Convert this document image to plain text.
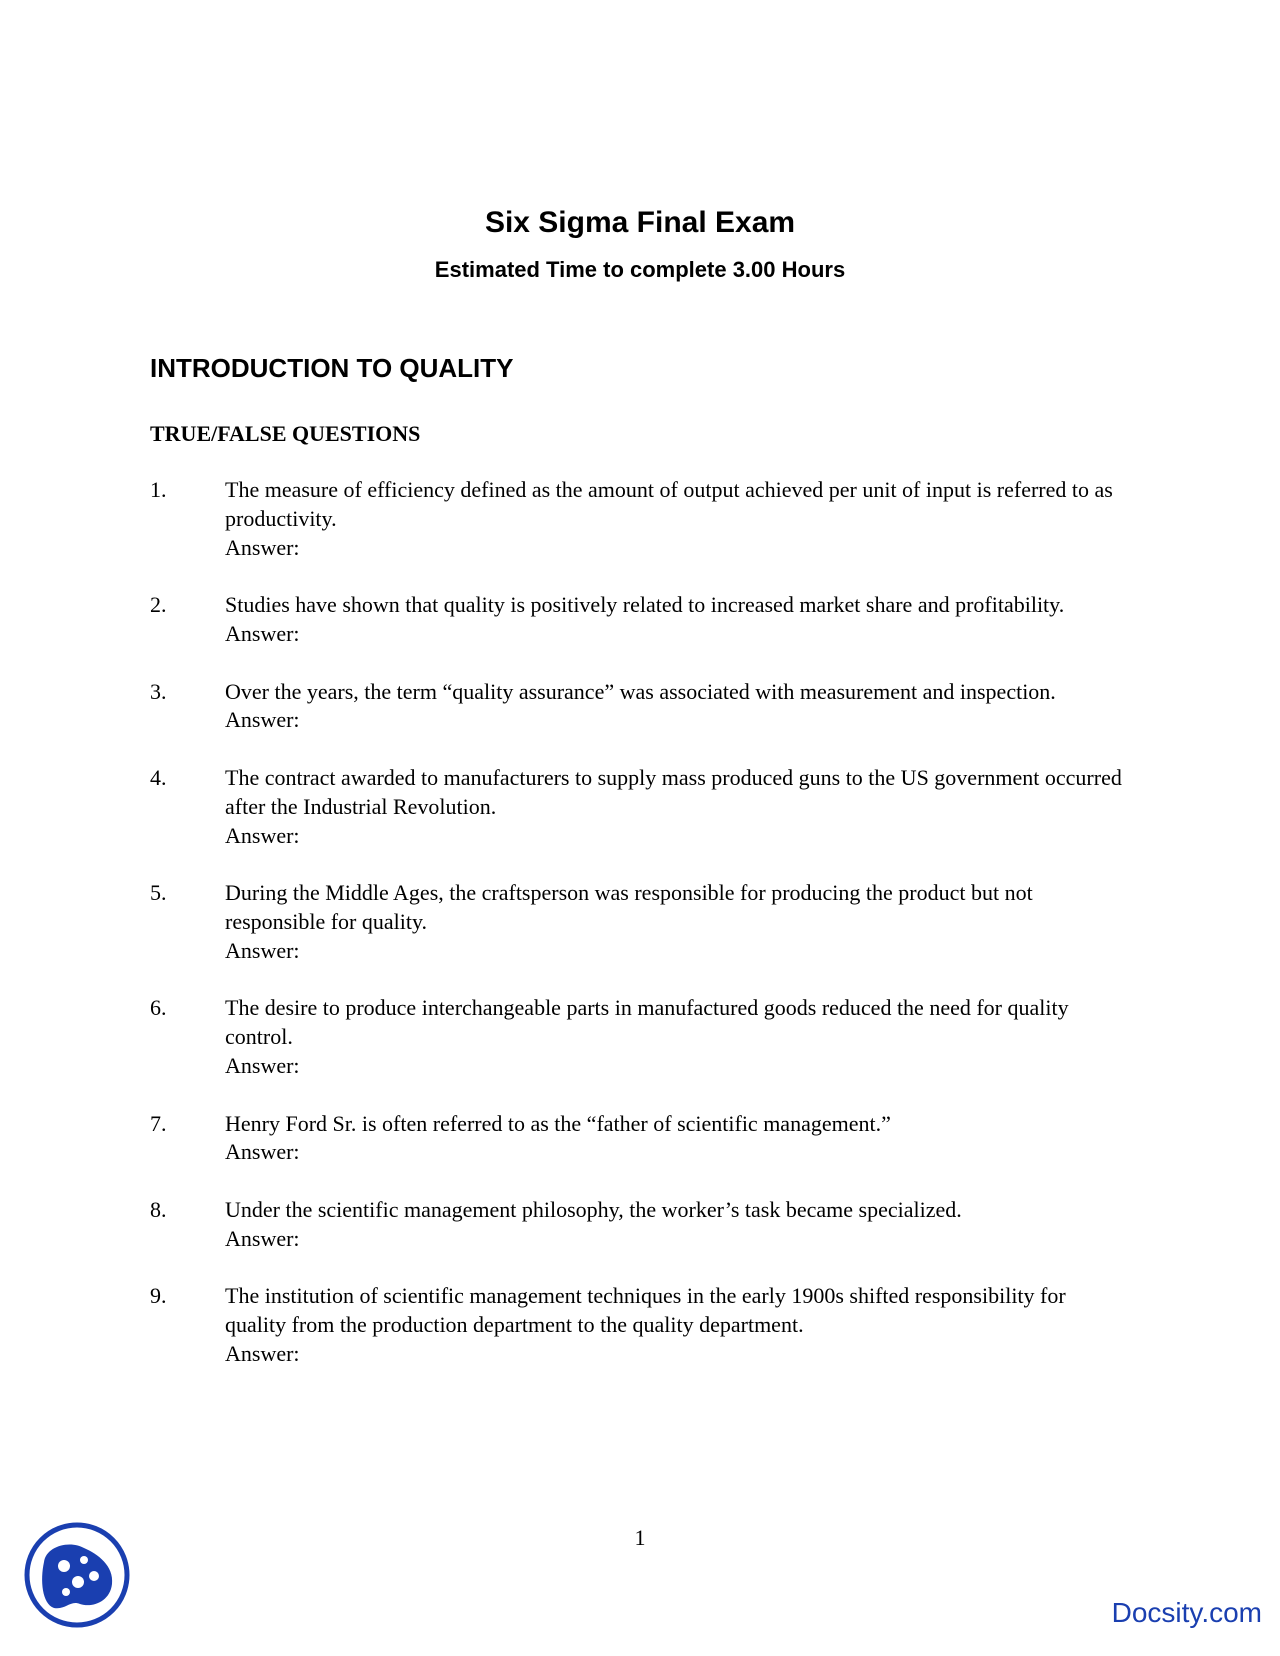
Six Sigma Final Exam
Estimated Time to complete 3.00 Hours
INTRODUCTION TO QUALITY
TRUE/FALSE QUESTIONS
1.	The measure of efficiency defined as the amount of output achieved per unit of input is referred to as productivity.
Answer:
2.	Studies have shown that quality is positively related to increased market share and profitability.
Answer:
3.	Over the years, the term “quality assurance” was associated with measurement and inspection.
Answer:
4.	The contract awarded to manufacturers to supply mass produced guns to the US government occurred after the Industrial Revolution.
Answer:
5.	During the Middle Ages, the craftsperson was responsible for producing the product but not responsible for quality.
Answer:
6.	The desire to produce interchangeable parts in manufactured goods reduced the need for quality control.
Answer:
7.	Henry Ford Sr. is often referred to as the “father of scientific management.”
Answer:
8.	Under the scientific management philosophy, the worker’s task became specialized.
Answer:
9.	The institution of scientific management techniques in the early 1900s shifted responsibility for quality from the production department to the quality department.
Answer:
1
Docsity.com
